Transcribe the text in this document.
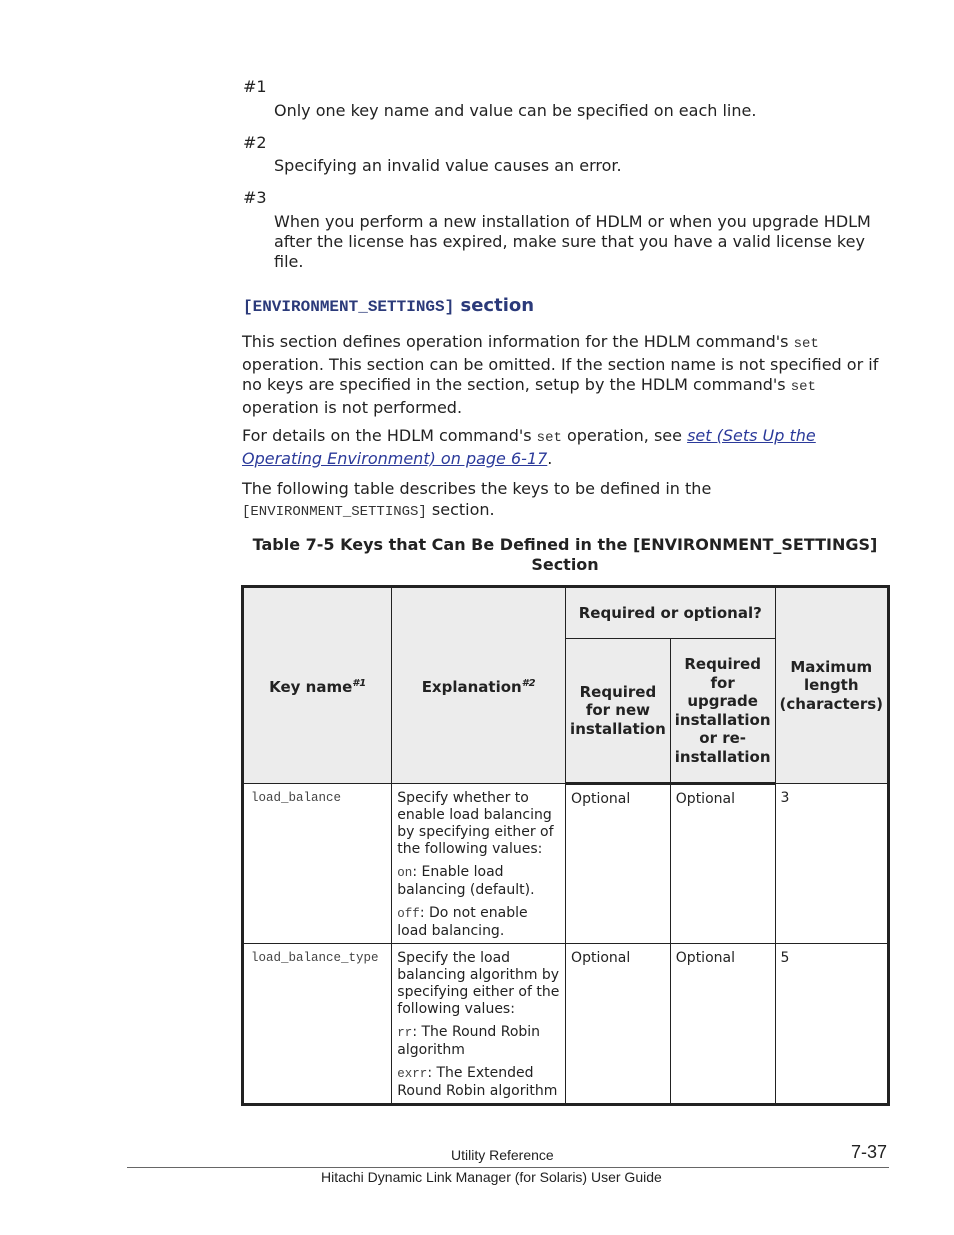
#1
Only one key name and value can be specified on each line.
#2
Specifying an invalid value causes an error.
#3
When you perform a new installation of HDLM or when you upgrade HDLM after the license has expired, make sure that you have a valid license key file.
[ENVIRONMENT_SETTINGS] section
This section defines operation information for the HDLM command's set operation. This section can be omitted. If the section name is not specified or if no keys are specified in the section, setup by the HDLM command's set operation is not performed.
For details on the HDLM command's set operation, see set (Sets Up the Operating Environment) on page 6-17.
The following table describes the keys to be defined in the
[ENVIRONMENT_SETTINGS] section.
Table 7-5 Keys that Can Be Defined in the [ENVIRONMENT_SETTINGS] Section
Key name$^{\#1}$	Explanation$^{\#2}$	Required or optional?		Maximum length (characters)
		Required for new installation	Required for upgrade installation or re-installation	
load_balance	Specify whether to enable load balancing by specifying either of the following values:

on: Enable load balancing (default).

off: Do not enable load balancing.	Optional	Optional	3
load_balance_type	Specify the load balancing algorithm by specifying either of the following values:

rr: The Round Robin algorithm

exrr: The Extended Round Robin algorithm	Optional	Optional	5
Utility Reference	7-37
Hitachi Dynamic Link Manager (for Solaris) User Guide
